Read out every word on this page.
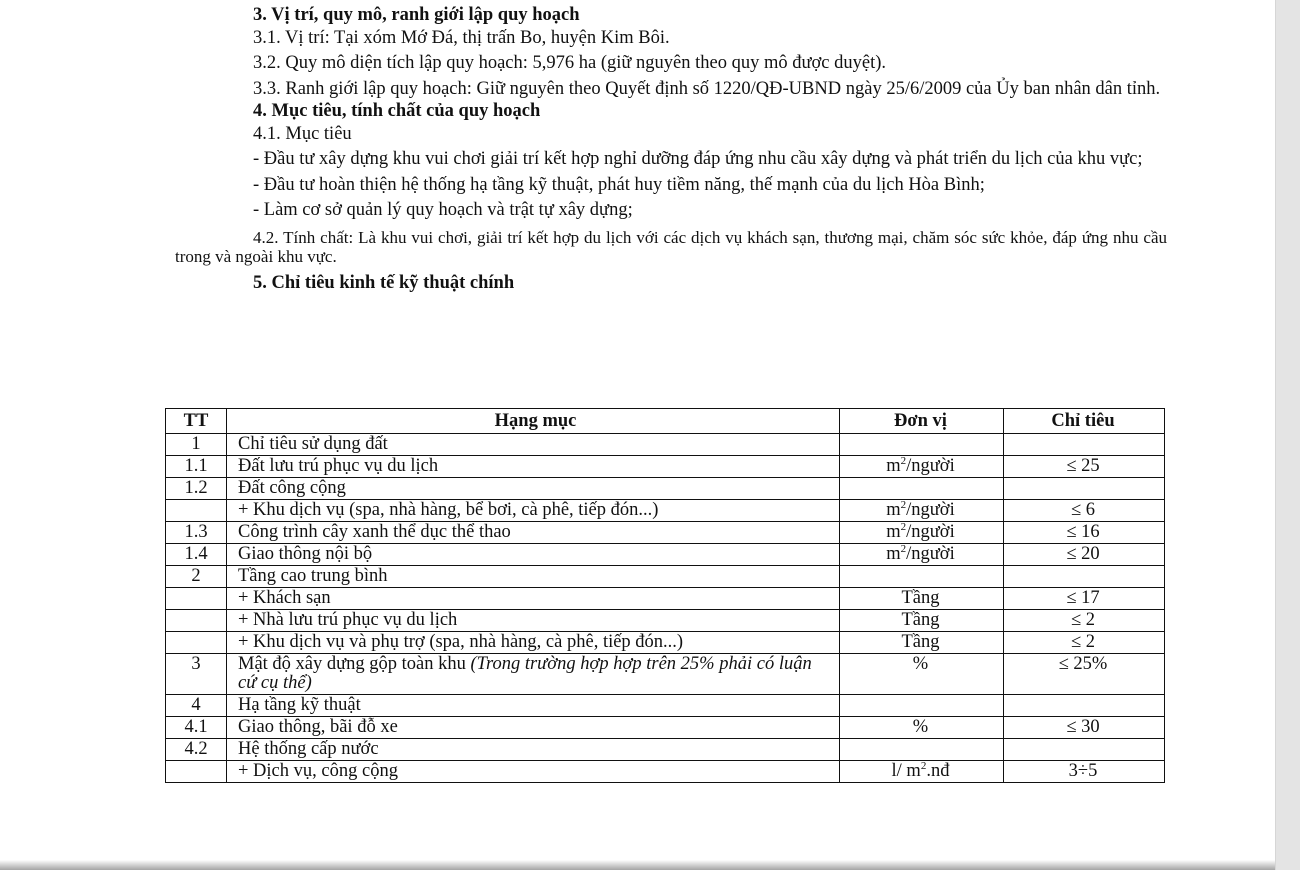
3. Vị trí, quy mô, ranh giới lập quy hoạch

3.1. Vị trí: Tại xóm Mớ Đá, thị trấn Bo, huyện Kim Bôi.

3.2. Quy mô diện tích lập quy hoạch: 5,976 ha (giữ nguyên theo quy mô được duyệt).

3.3. Ranh giới lập quy hoạch: Giữ nguyên theo Quyết định số 1220/QĐ-UBND ngày 25/6/2009 của Ủy ban nhân dân tỉnh.

4. Mục tiêu, tính chất của quy hoạch

4.1. Mục tiêu

- Đầu tư xây dựng khu vui chơi giải trí kết hợp nghỉ dưỡng đáp ứng nhu cầu xây dựng và phát triển du lịch của khu vực;

- Đầu tư hoàn thiện hệ thống hạ tầng kỹ thuật, phát huy tiềm năng, thế mạnh của du lịch Hòa Bình;

- Làm cơ sở quản lý quy hoạch và trật tự xây dựng;

4.2. Tính chất: Là khu vui chơi, giải trí kết hợp du lịch với các dịch vụ khách sạn, thương mại, chăm sóc sức khỏe, đáp ứng nhu cầu trong và ngoài khu vực.

5. Chỉ tiêu kinh tế kỹ thuật chính

TT	Hạng mục	Đơn vị	Chỉ tiêu
1	Chỉ tiêu sử dụng đất		
1.1	Đất lưu trú phục vụ du lịch	$m^2$/người	≤ 25
1.2	Đất công cộng		
	+ Khu dịch vụ (spa, nhà hàng, bể bơi, cà phê, tiếp đón...)	$m^2$/người	≤ 6
1.3	Công trình cây xanh thể dục thể thao	$m^2$/người	≤ 16
1.4	Giao thông nội bộ	$m^2$/người	≤ 20
2	Tầng cao trung bình		
	+ Khách sạn	Tầng	≤ 17
	+ Nhà lưu trú phục vụ du lịch	Tầng	≤ 2
	+ Khu dịch vụ và phụ trợ (spa, nhà hàng, cà phê, tiếp đón...)	Tầng	≤ 2
3	Mật độ xây dựng gộp toàn khu (Trong trường hợp hợp trên 25% phải có luận cứ cụ thể)	%	≤ 25%
4	Hạ tầng kỹ thuật		
4.1	Giao thông, bãi đỗ xe	%	≤ 30
4.2	Hệ thống cấp nước		
	+ Dịch vụ, công cộng	l/ $m^2.nđ$	3÷5
